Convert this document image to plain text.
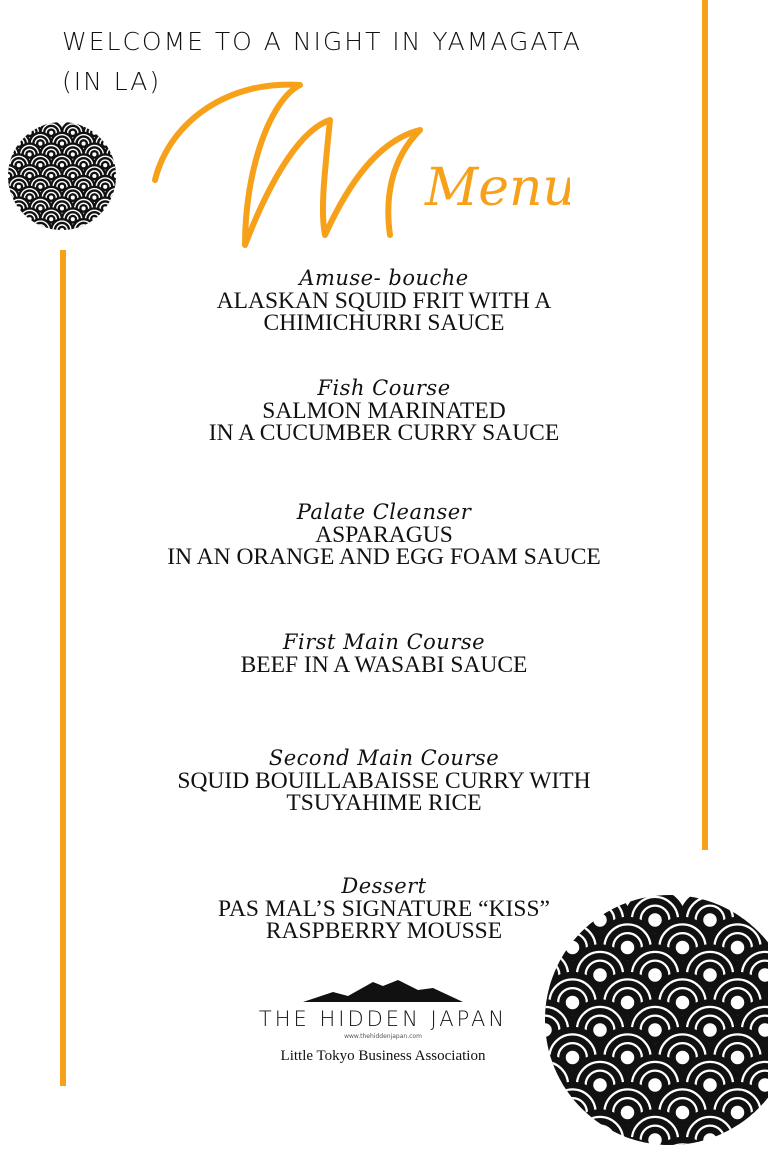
WELCOME TO A NIGHT IN YAMAGATA
(IN LA)
Menu
Amuse- bouche
ALASKAN SQUID FRIT WITH A
CHIMICHURRI SAUCE
Fish Course
SALMON MARINATED
IN A CUCUMBER CURRY SAUCE
Palate Cleanser
ASPARAGUS
IN AN ORANGE AND EGG FOAM SAUCE
First Main Course
BEEF IN A WASABI SAUCE
Second Main Course
SQUID BOUILLABAISSE CURRY WITH
TSUYAHIME RICE
Dessert
PAS MAL’S SIGNATURE “KISS”
RASPBERRY MOUSSE
THE HIDDEN JAPAN
www.thehiddenjapan.com
Little Tokyo Business Association
